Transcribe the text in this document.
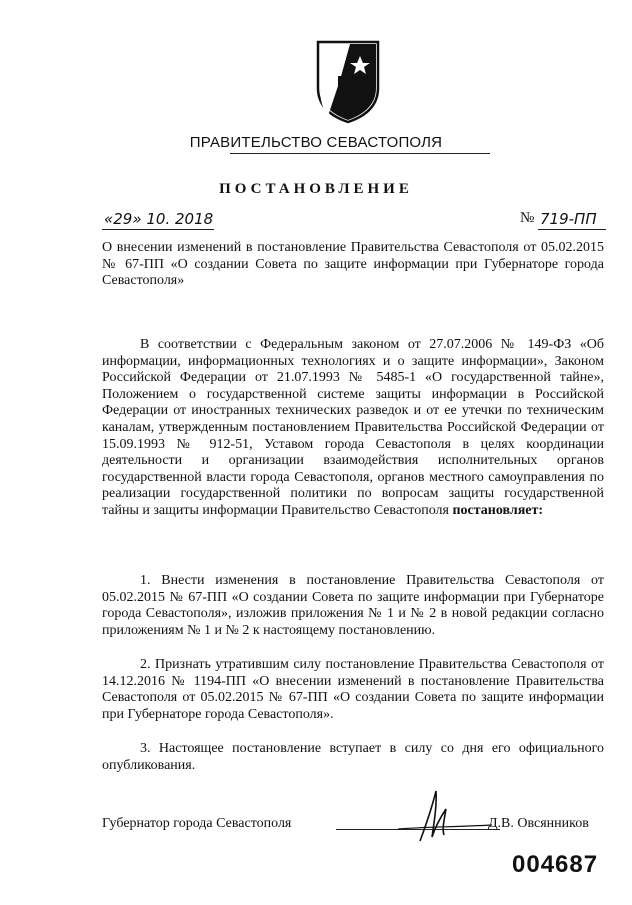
ПРАВИТЕЛЬСТВО СЕВАСТОПОЛЯ
ПОСТАНОВЛЕНИЕ
«29» 10. 2018	№ 719-ПП

О внесении изменений в постановление Правительства Севастополя от 05.02.2015 № 67-ПП «О создании Совета по защите информации при Губернаторе города Севастополя»

В соответствии с Федеральным законом от 27.07.2006 № 149-ФЗ «Об информации, информационных технологиях и о защите информации», Законом Российской Федерации от 21.07.1993 № 5485-1 «О государственной тайне», Положением о государственной системе защиты информации в Российской Федерации от иностранных технических разведок и от ее утечки по техническим каналам, утвержденным постановлением Правительства Российской Федерации от 15.09.1993 № 912-51, Уставом города Севастополя в целях координации деятельности и организации взаимодействия исполнительных органов государственной власти города Севастополя, органов местного самоуправления по реализации государственной политики по вопросам защиты государственной тайны и защиты информации Правительство Севастополя постановляет:

1. Внести изменения в постановление Правительства Севастополя от 05.02.2015 № 67-ПП «О создании Совета по защите информации при Губернаторе города Севастополя», изложив приложения № 1 и № 2 в новой редакции согласно приложениям № 1 и № 2 к настоящему постановлению.

2. Признать утратившим силу постановление Правительства Севастополя от 14.12.2016 № 1194-ПП «О внесении изменений в постановление Правительства Севастополя от 05.02.2015 № 67-ПП «О создании Совета по защите информации при Губернаторе города Севастополя».

3. Настоящее постановление вступает в силу со дня его официального опубликования.

Губернатор города Севастополя	Д.В. Овсянников
004687
